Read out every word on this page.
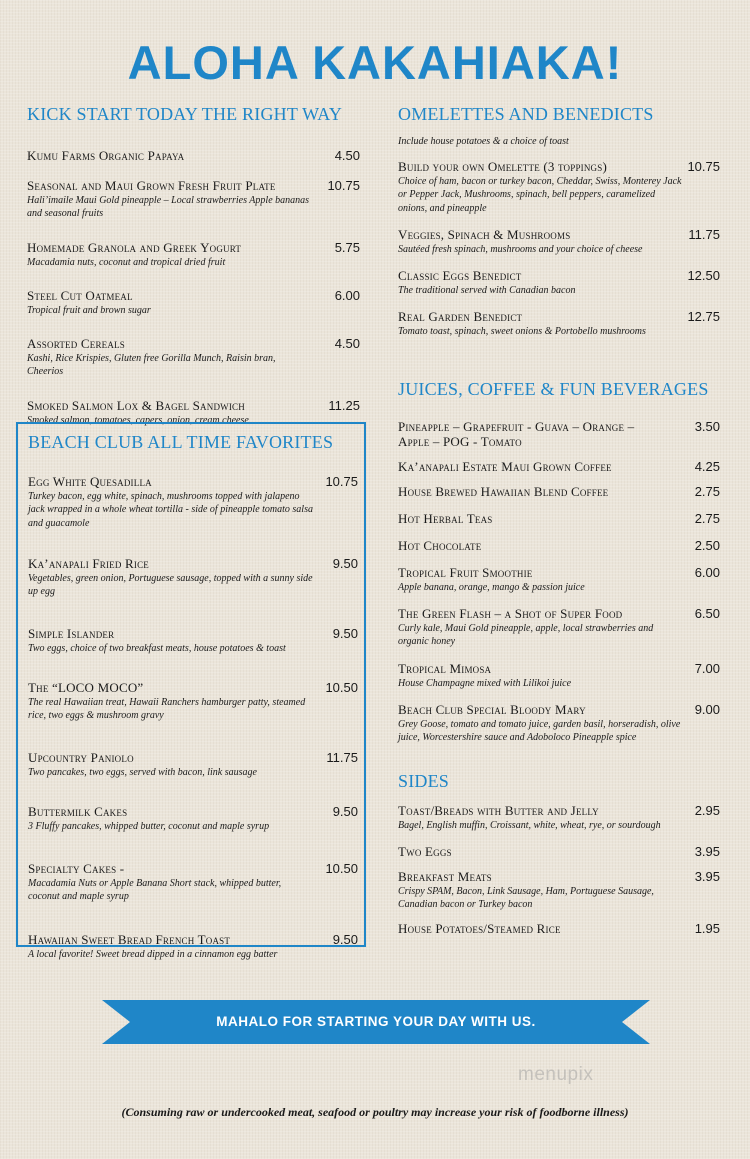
ALOHA KAKAHIAKA!
KICK START TODAY THE RIGHT WAY
Kumu Farms Organic Papaya	4.50
Seasonal and Maui Grown Fresh Fruit Plate	10.75
Hali’imaile Maui Gold pineapple – Local strawberries Apple bananas and seasonal fruits
Homemade Granola and Greek Yogurt	5.75
Macadamia nuts, coconut and tropical dried fruit
Steel Cut Oatmeal	6.00
Tropical fruit and brown sugar
Assorted Cereals	4.50
Kashi, Rice Krispies, Gluten free Gorilla Munch, Raisin bran, Cheerios
Smoked Salmon Lox & Bagel Sandwich	11.25
Smoked salmon, tomatoes, capers, onion, cream cheese
BEACH CLUB ALL TIME FAVORITES
Egg White Quesadilla	10.75
Turkey bacon, egg white, spinach, mushrooms topped with jalapeno jack wrapped in a whole wheat tortilla - side of pineapple tomato salsa and guacamole
Ka’anapali Fried Rice	9.50
Vegetables, green onion, Portuguese sausage, topped with a sunny side up egg
Simple Islander	9.50
Two eggs, choice of two breakfast meats, house potatoes & toast
The “LOCO MOCO”	10.50
The real Hawaiian treat, Hawaii Ranchers hamburger patty, steamed rice, two eggs & mushroom gravy
Upcountry Paniolo	11.75
Two pancakes, two eggs, served with bacon, link sausage
Buttermilk Cakes	9.50
3 Fluffy pancakes, whipped butter, coconut and maple syrup
Specialty Cakes -	10.50
Macadamia Nuts or Apple Banana Short stack, whipped butter, coconut and maple syrup
Hawaiian Sweet Bread French Toast	9.50
A local favorite! Sweet bread dipped in a cinnamon egg batter
OMELETTES AND BENEDICTS
Include house potatoes & a choice of toast
Build your own Omelette (3 toppings)	10.75
Choice of ham, bacon or turkey bacon, Cheddar, Swiss, Monterey Jack or Pepper Jack, Mushrooms, spinach, bell peppers, caramelized onions, and pineapple
Veggies, Spinach & Mushrooms	11.75
Sautéed fresh spinach, mushrooms and your choice of cheese
Classic Eggs Benedict	12.50
The traditional served with Canadian bacon
Real Garden Benedict	12.75
Tomato toast, spinach, sweet onions & Portobello mushrooms
JUICES, COFFEE & FUN BEVERAGES
Pineapple – Grapefruit - Guava – Orange – Apple – POG - Tomato
3.50
Ka’anapali Estate Maui Grown Coffee	4.25
House Brewed Hawaiian Blend Coffee	2.75
Hot Herbal Teas	2.75
Hot Chocolate	2.50
Tropical Fruit Smoothie	6.00
Apple banana, orange, mango & passion juice
The Green Flash – a Shot of Super Food	6.50
Curly kale, Maui Gold pineapple, apple, local strawberries and organic honey
Tropical Mimosa	7.00
House Champagne mixed with Lilikoi juice
Beach Club Special Bloody Mary	9.00
Grey Goose, tomato and tomato juice, garden basil, horseradish, olive juice, Worcestershire sauce and Adoboloco Pineapple spice
SIDES
Toast/Breads with Butter and Jelly	2.95
Bagel, English muffin, Croissant, white, wheat, rye, or sourdough
Two Eggs	3.95
Breakfast Meats	3.95
Crispy SPAM, Bacon, Link Sausage, Ham, Portuguese Sausage, Canadian bacon or Turkey bacon
House Potatoes/Steamed Rice	1.95
MAHALO FOR STARTING YOUR DAY WITH US.
menupix
(Consuming raw or undercooked meat, seafood or poultry may increase your risk of foodborne illness)
